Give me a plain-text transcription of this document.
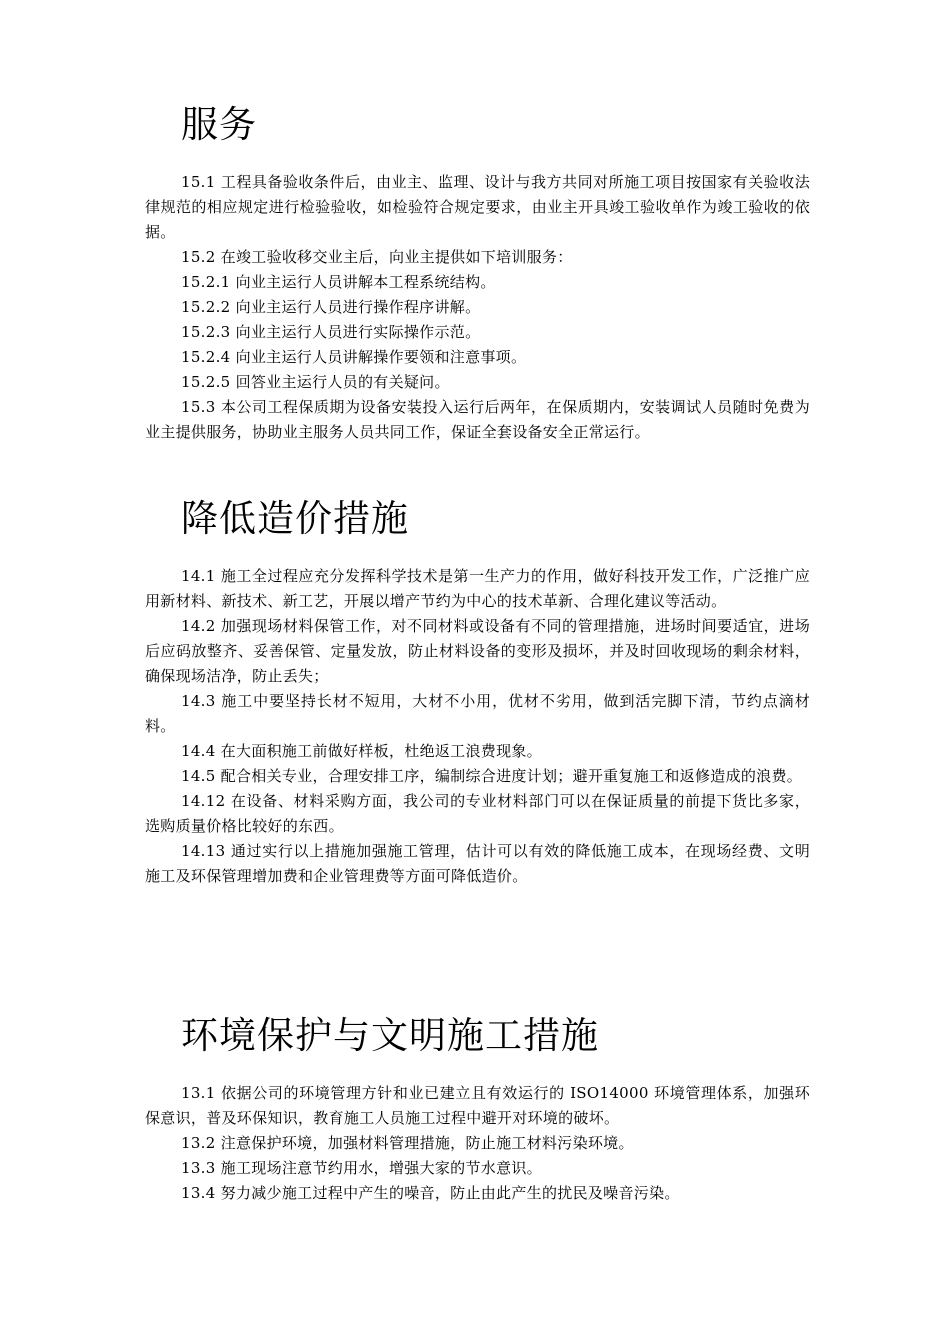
服务

15.1 工程具备验收条件后，由业主、监理、设计与我方共同对所施工项目按国家有关验收法律规范的相应规定进行检验验收，如检验符合规定要求，由业主开具竣工验收单作为竣工验收的依据。

15.2 在竣工验收移交业主后，向业主提供如下培训服务：

15.2.1 向业主运行人员讲解本工程系统结构。

15.2.2 向业主运行人员进行操作程序讲解。

15.2.3 向业主运行人员进行实际操作示范。

15.2.4 向业主运行人员讲解操作要领和注意事项。

15.2.5 回答业主运行人员的有关疑问。

15.3 本公司工程保质期为设备安装投入运行后两年，在保质期内，安装调试人员随时免费为业主提供服务，协助业主服务人员共同工作，保证全套设备安全正常运行。

降低造价措施

14.1 施工全过程应充分发挥科学技术是第一生产力的作用，做好科技开发工作，广泛推广应用新材料、新技术、新工艺，开展以增产节约为中心的技术革新、合理化建议等活动。

14.2 加强现场材料保管工作，对不同材料或设备有不同的管理措施，进场时间要适宜，进场后应码放整齐、妥善保管、定量发放，防止材料设备的变形及损坏，并及时回收现场的剩余材料，确保现场洁净，防止丢失；

14.3 施工中要坚持长材不短用，大材不小用，优材不劣用，做到活完脚下清，节约点滴材料。

14.4 在大面积施工前做好样板，杜绝返工浪费现象。

14.5 配合相关专业，合理安排工序，编制综合进度计划；避开重复施工和返修造成的浪费。

14.12 在设备、材料采购方面，我公司的专业材料部门可以在保证质量的前提下货比多家，选购质量价格比较好的东西。

14.13 通过实行以上措施加强施工管理，估计可以有效的降低施工成本，在现场经费、文明施工及环保管理增加费和企业管理费等方面可降低造价。

环境保护与文明施工措施

13.1 依据公司的环境管理方针和业已建立且有效运行的 ISO14000 环境管理体系，加强环保意识，普及环保知识，教育施工人员施工过程中避开对环境的破坏。

13.2 注意保护环境，加强材料管理措施，防止施工材料污染环境。

13.3 施工现场注意节约用水，增强大家的节水意识。

13.4 努力减少施工过程中产生的噪音，防止由此产生的扰民及噪音污染。
